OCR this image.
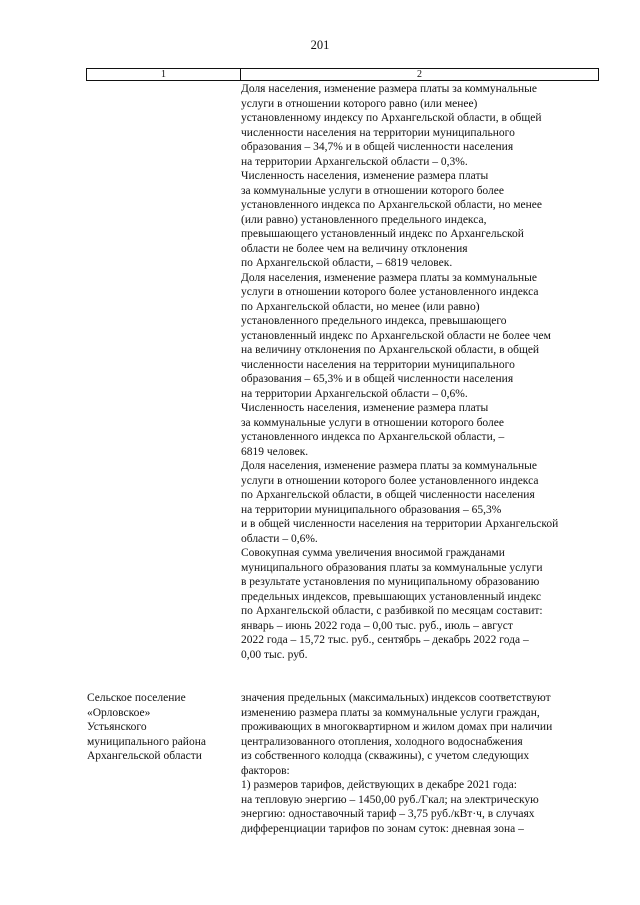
201
1	2
Доля населения, изменение размера платы за коммунальные
услуги в отношении которого равно (или менее)
установленному индексу по Архангельской области, в общей
численности населения на территории муниципального
образования – 34,7% и в общей численности населения
на территории Архангельской области – 0,3%.
Численность населения, изменение размера платы
за коммунальные услуги в отношении которого более
установленного индекса по Архангельской области, но менее
(или равно) установленного предельного индекса,
превышающего установленный индекс по Архангельской
области не более чем на величину отклонения
по Архангельской области, – 6819 человек.
Доля населения, изменение размера платы за коммунальные
услуги в отношении которого более установленного индекса
по Архангельской области, но менее (или равно)
установленного предельного индекса, превышающего
установленный индекс по Архангельской области не более чем
на величину отклонения по Архангельской области, в общей
численности населения на территории муниципального
образования – 65,3% и в общей численности населения
на территории Архангельской области – 0,6%.
Численность населения, изменение размера платы
за коммунальные услуги в отношении которого более
установленного индекса по Архангельской области, –
6819 человек.
Доля населения, изменение размера платы за коммунальные
услуги в отношении которого более установленного индекса
по Архангельской области, в общей численности населения
на территории муниципального образования – 65,3%
и в общей численности населения на территории Архангельской
области – 0,6%.
Совокупная сумма увеличения вносимой гражданами
муниципального образования платы за коммунальные услуги
в результате установления по муниципальному образованию
предельных индексов, превышающих установленный индекс
по Архангельской области, с разбивкой по месяцам составит:
январь – июнь 2022 года – 0,00 тыс. руб., июль – август
2022 года – 15,72 тыс. руб., сентябрь – декабрь 2022 года –
0,00 тыс. руб.
Сельское поселение
«Орловское»
Устьянского
муниципального района
Архангельской области
значения предельных (максимальных) индексов соответствуют
изменению размера платы за коммунальные услуги граждан,
проживающих в многоквартирном и жилом домах при наличии
централизованного отопления, холодного водоснабжения
из собственного колодца (скважины), с учетом следующих
факторов:
1) размеров тарифов, действующих в декабре 2021 года:
на тепловую энергию – 1450,00 руб./Гкал; на электрическую
энергию: одноставочный тариф – 3,75 руб./кВт·ч, в случаях
дифференциации тарифов по зонам суток: дневная зона –
